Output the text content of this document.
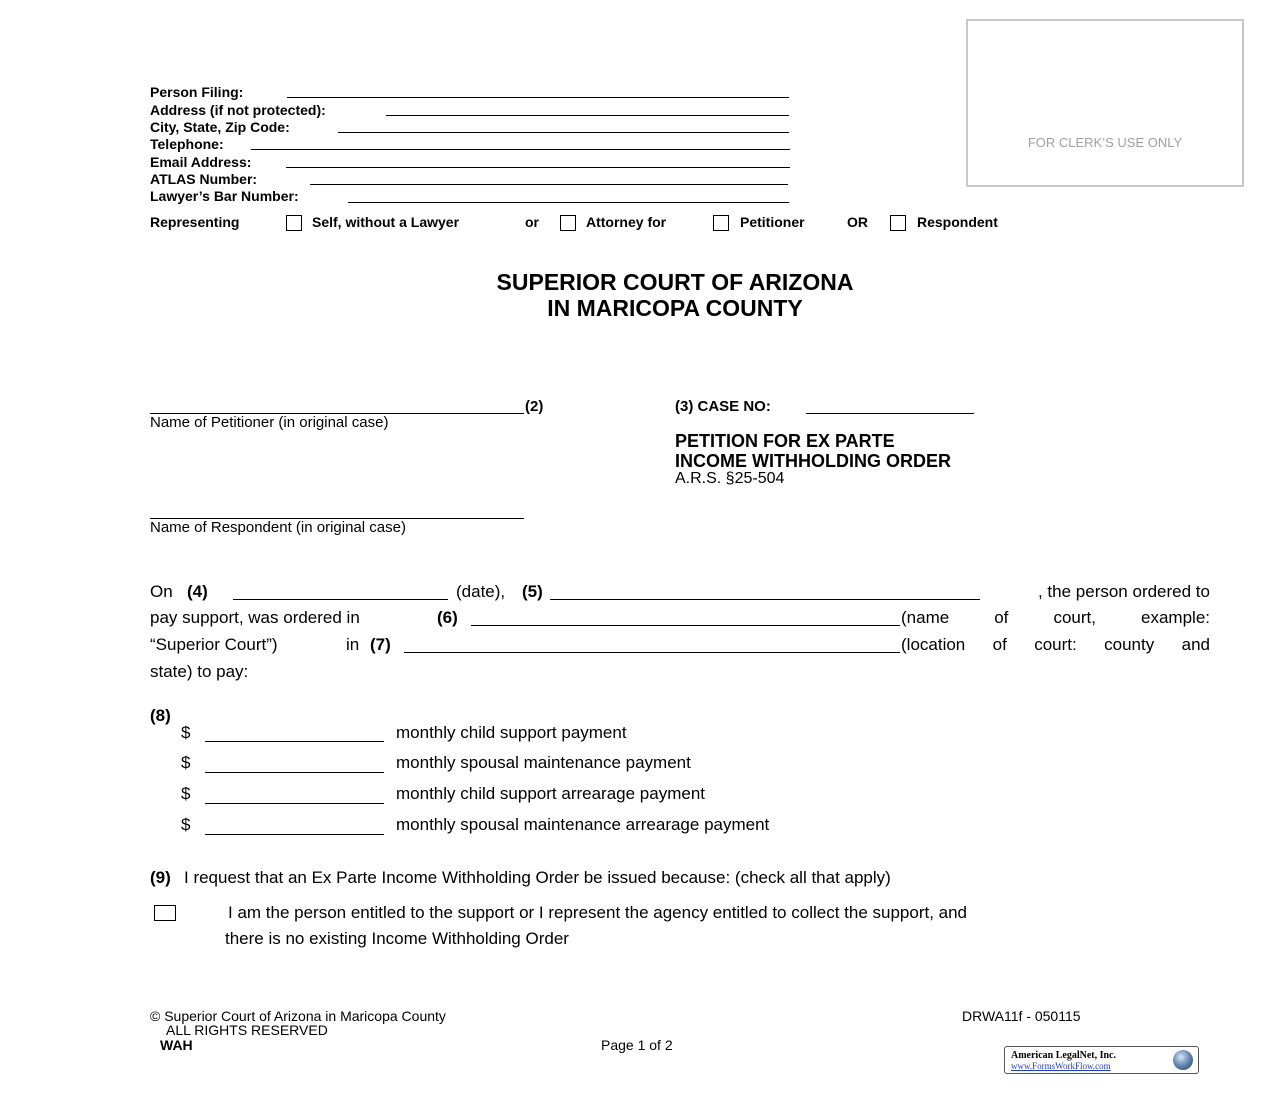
Person Filing:
Address (if not protected):
City, State, Zip Code:
Telephone:
Email Address:
ATLAS Number:
Lawyer’s Bar Number:
Representing	Self, without a Lawyer	or	Attorney for	Petitioner	OR	Respondent
FOR CLERK’S USE ONLY
SUPERIOR COURT OF ARIZONA
IN MARICOPA COUNTY
(2)
Name of Petitioner (in original case)
Name of Respondent (in original case)
(3) CASE NO:
PETITION FOR EX PARTE
INCOME WITHHOLDING ORDER
A.R.S. §25-504
On (4)	(date), (5)	, the person ordered to
pay support, was ordered in	(6)	(name of court, example:
“Superior Court”)	in (7)	(location of court: county and
state) to pay:
(8)
$	monthly child support payment
$	monthly spousal maintenance payment
$	monthly child support arrearage payment
$	monthly spousal maintenance arrearage payment
(9) I request that an Ex Parte Income Withholding Order be issued because: (check all that apply)
I am the person entitled to the support or I represent the agency entitled to collect the support, and
there is no existing Income Withholding Order
© Superior Court of Arizona in Maricopa County
ALL RIGHTS RESERVED
WAH	Page 1 of 2
DRWA11f - 050115
American LegalNet, Inc.
www.FormsWorkFlow.com
